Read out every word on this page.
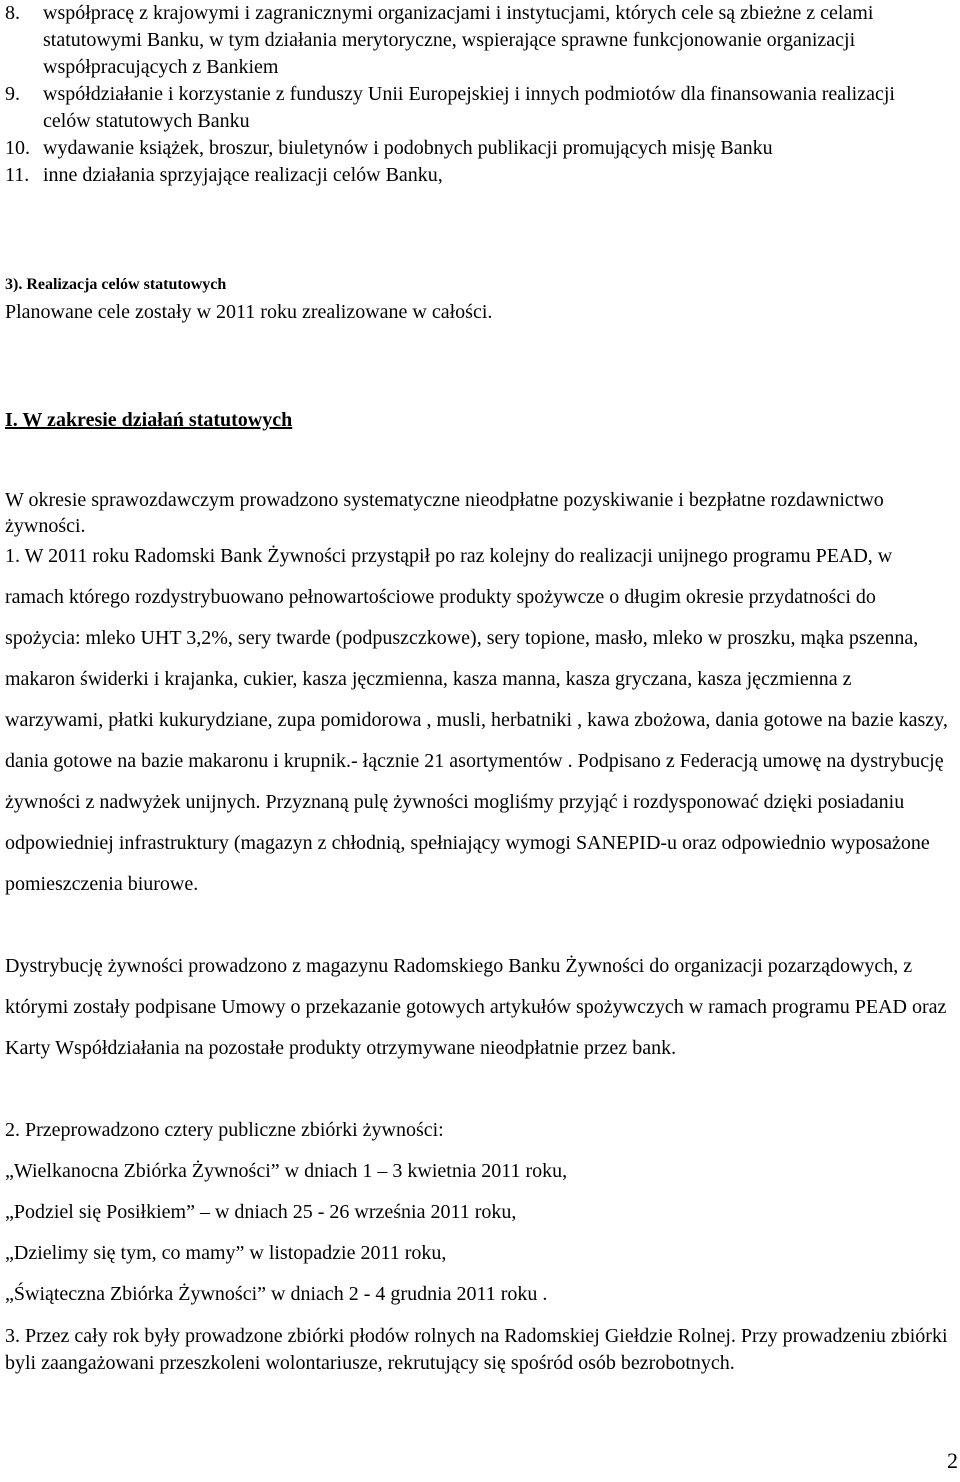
8.	współpracę z krajowymi i zagranicznymi organizacjami i instytucjami, których cele są zbieżne z celami statutowymi Banku, w tym działania merytoryczne, wspierające sprawne funkcjonowanie organizacji współpracujących z Bankiem
9.	współdziałanie i korzystanie z funduszy Unii Europejskiej i innych podmiotów dla finansowania realizacji celów statutowych Banku
10. wydawanie książek, broszur, biuletynów i podobnych publikacji promujących misję Banku
11. inne działania sprzyjające realizacji celów Banku,
3). Realizacja celów statutowych
Planowane cele zostały w 2011 roku zrealizowane w całości.
I. W zakresie działań statutowych
W okresie sprawozdawczym prowadzono systematyczne nieodpłatne pozyskiwanie i bezpłatne rozdawnictwo żywności.
1. W 2011 roku Radomski Bank Żywności przystąpił po raz kolejny do realizacji unijnego programu PEAD, w ramach którego rozdystrybuowano pełnowartościowe produkty spożywcze o długim okresie przydatności do spożycia: mleko UHT 3,2%, sery twarde (podpuszczkowe), sery topione, masło, mleko w proszku, mąka pszenna, makaron świderki i krajanka, cukier, kasza jęczmienna, kasza manna, kasza gryczana, kasza jęczmienna z warzywami, płatki kukurydziane, zupa pomidorowa , musli, herbatniki , kawa zbożowa, dania gotowe na bazie kaszy, dania gotowe na bazie makaronu i krupnik.- łącznie 21 asortymentów . Podpisano z Federacją umowę na dystrybucję żywności z nadwyżek unijnych. Przyznaną pulę żywności mogliśmy przyjąć i rozdysponować dzięki posiadaniu odpowiedniej infrastruktury (magazyn z chłodnią, spełniający wymogi SANEPID-u oraz odpowiednio wyposażone pomieszczenia biurowe.
Dystrybucję żywności prowadzono z magazynu Radomskiego Banku Żywności do organizacji pozarządowych, z którymi zostały podpisane Umowy o przekazanie gotowych artykułów spożywczych w ramach programu PEAD oraz Karty Współdziałania na pozostałe produkty otrzymywane nieodpłatnie przez bank.
2. Przeprowadzono cztery publiczne zbiórki żywności:
„Wielkanocna Zbiórka Żywności” w dniach 1 – 3 kwietnia 2011 roku,
„Podziel się Posiłkiem” – w dniach 25 - 26 września 2011 roku,
„Dzielimy się tym, co mamy” w listopadzie 2011 roku,
„Świąteczna Zbiórka Żywności” w dniach 2 - 4 grudnia 2011 roku .
3. Przez cały rok były prowadzone zbiórki płodów rolnych na Radomskiej Giełdzie Rolnej. Przy prowadzeniu zbiórki byli zaangażowani przeszkoleni wolontariusze, rekrutujący się spośród osób bezrobotnych.
2
